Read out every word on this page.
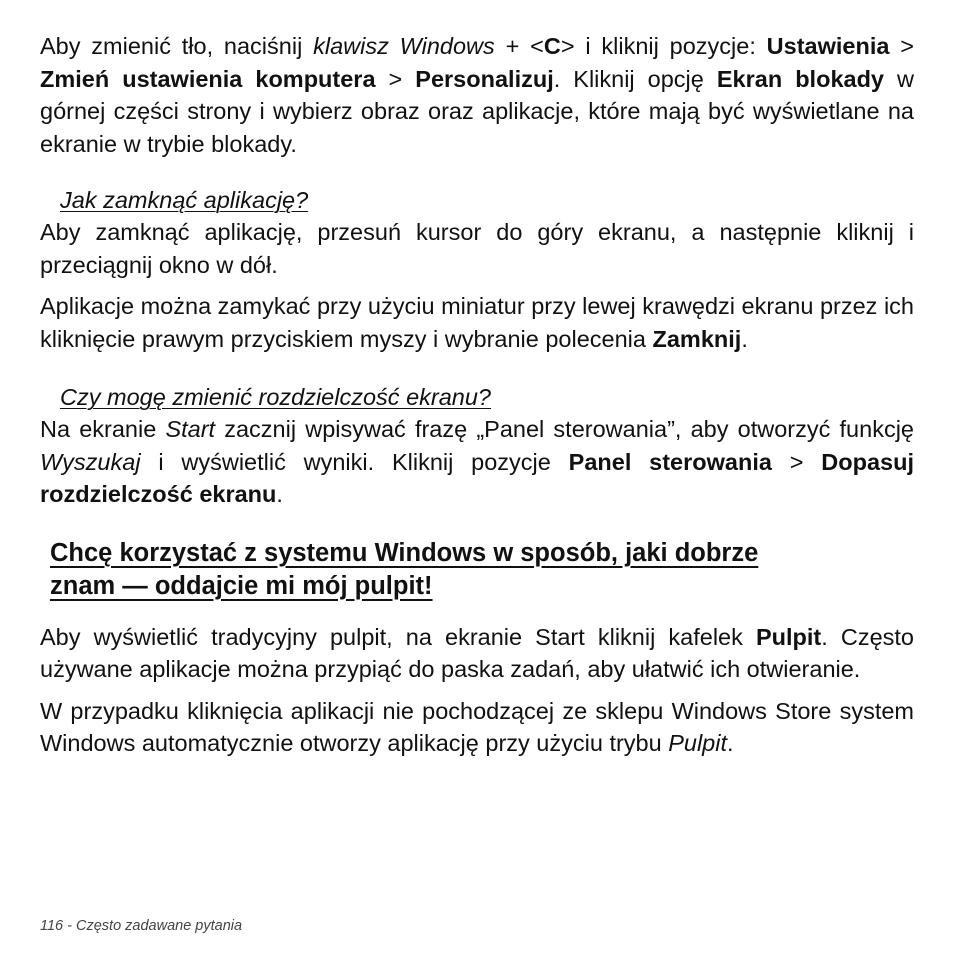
Aby zmienić tło, naciśnij klawisz Windows + <C> i kliknij pozycje: Ustawienia > Zmień ustawienia komputera > Personalizuj. Kliknij opcję Ekran blokady w górnej części strony i wybierz obraz oraz aplikacje, które mają być wyświetlane na ekranie w trybie blokady.

Jak zamknąć aplikację?

Aby zamknąć aplikację, przesuń kursor do góry ekranu, a następnie kliknij i przeciągnij okno w dół.

Aplikacje można zamykać przy użyciu miniatur przy lewej krawędzi ekranu przez ich kliknięcie prawym przyciskiem myszy i wybranie polecenia Zamknij.

Czy mogę zmienić rozdzielczość ekranu?

Na ekranie Start zacznij wpisywać frazę „Panel sterowania”, aby otworzyć funkcję Wyszukaj i wyświetlić wyniki. Kliknij pozycje Panel sterowania > Dopasuj rozdzielczość ekranu.

Chcę korzystać z systemu Windows w sposób, jaki dobrze
znam — oddajcie mi mój pulpit!

Aby wyświetlić tradycyjny pulpit, na ekranie Start kliknij kafelek Pulpit. Często używane aplikacje można przypiąć do paska zadań, aby ułatwić ich otwieranie.

W przypadku kliknięcia aplikacji nie pochodzącej ze sklepu Windows Store system Windows automatycznie otworzy aplikację przy użyciu trybu Pulpit.

116 - Często zadawane pytania
